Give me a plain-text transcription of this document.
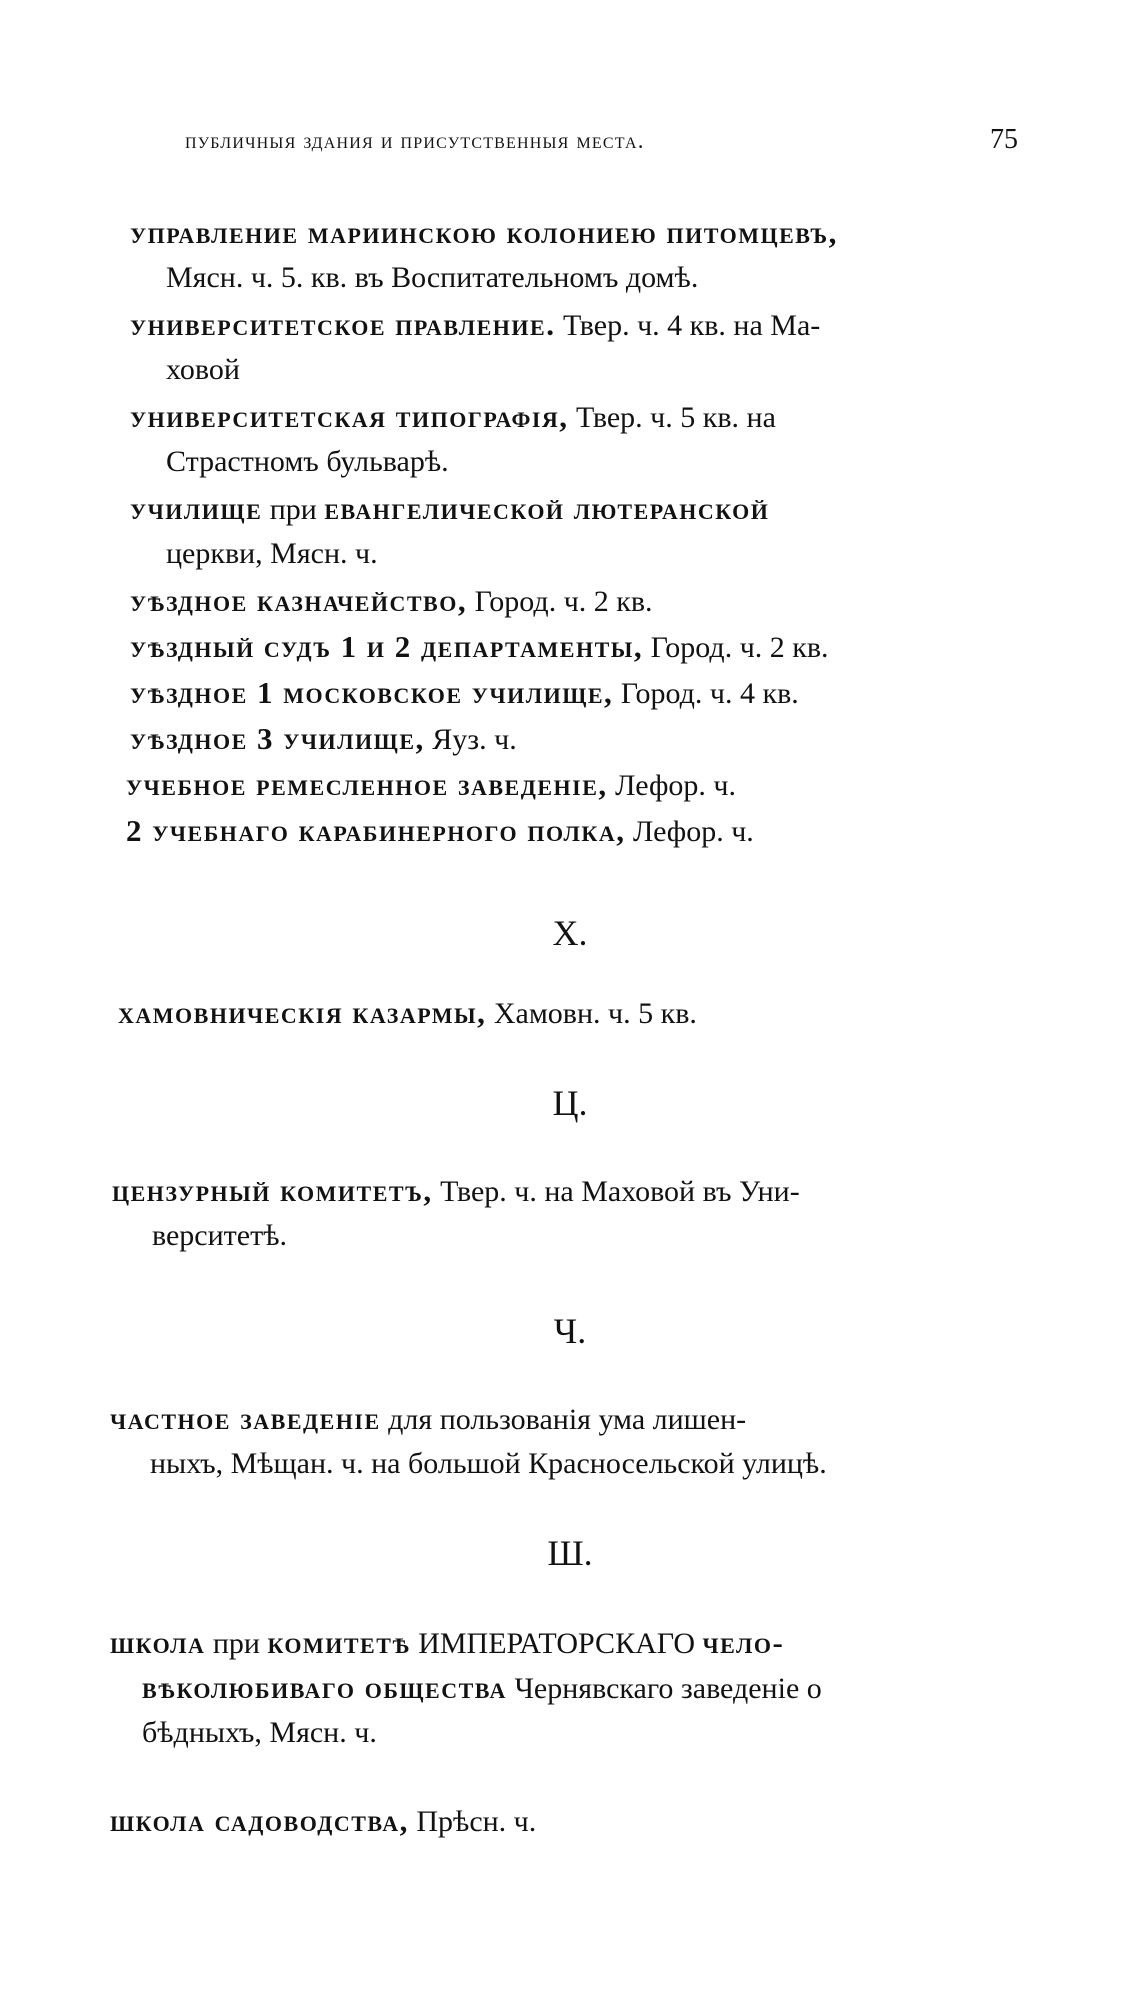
публичныя здания и присутственныя места.	75
управление мариинскою колониею питомцевъ,
Мясн. ч. 5. кв. въ Воспитательномъ домѣ.
университетское правление. Твер. ч. 4 кв. на Ма-
ховой
университетская типографія, Твер. ч. 5 кв. на
Страстномъ бульварѣ.
училище при евангелической лютеранской
церкви, Мясн. ч.
уѣздное казначейство, Город. ч. 2 кв.
уѣздный судъ 1 и 2 департаменты, Город. ч. 2 кв.
уѣздное 1 московское училище, Город. ч. 4 кв.
уѣздное 3 училище, Яуз. ч.
учебное ремесленное заведеніе, Лефор. ч.
2 учебнаго карабинерного полка, Лефор. ч.
Х.
хамовническія казармы, Хамовн. ч. 5 кв.
Ц.
цензурный комитетъ, Твер. ч. на Маховой въ Уни-
верситетѣ.
Ч.
частное заведеніе для пользованія ума лишен-
ныхъ, Мѣщан. ч. на большой Красносельской улицѣ.
Ш.
школа при комитетѣ ИМПЕРАТОРСКАГО чело-
вѣколюбиваго общества Чернявскаго заведеніе о
бѣдныхъ, Мясн. ч.
школа садоводства, Прѣсн. ч.
